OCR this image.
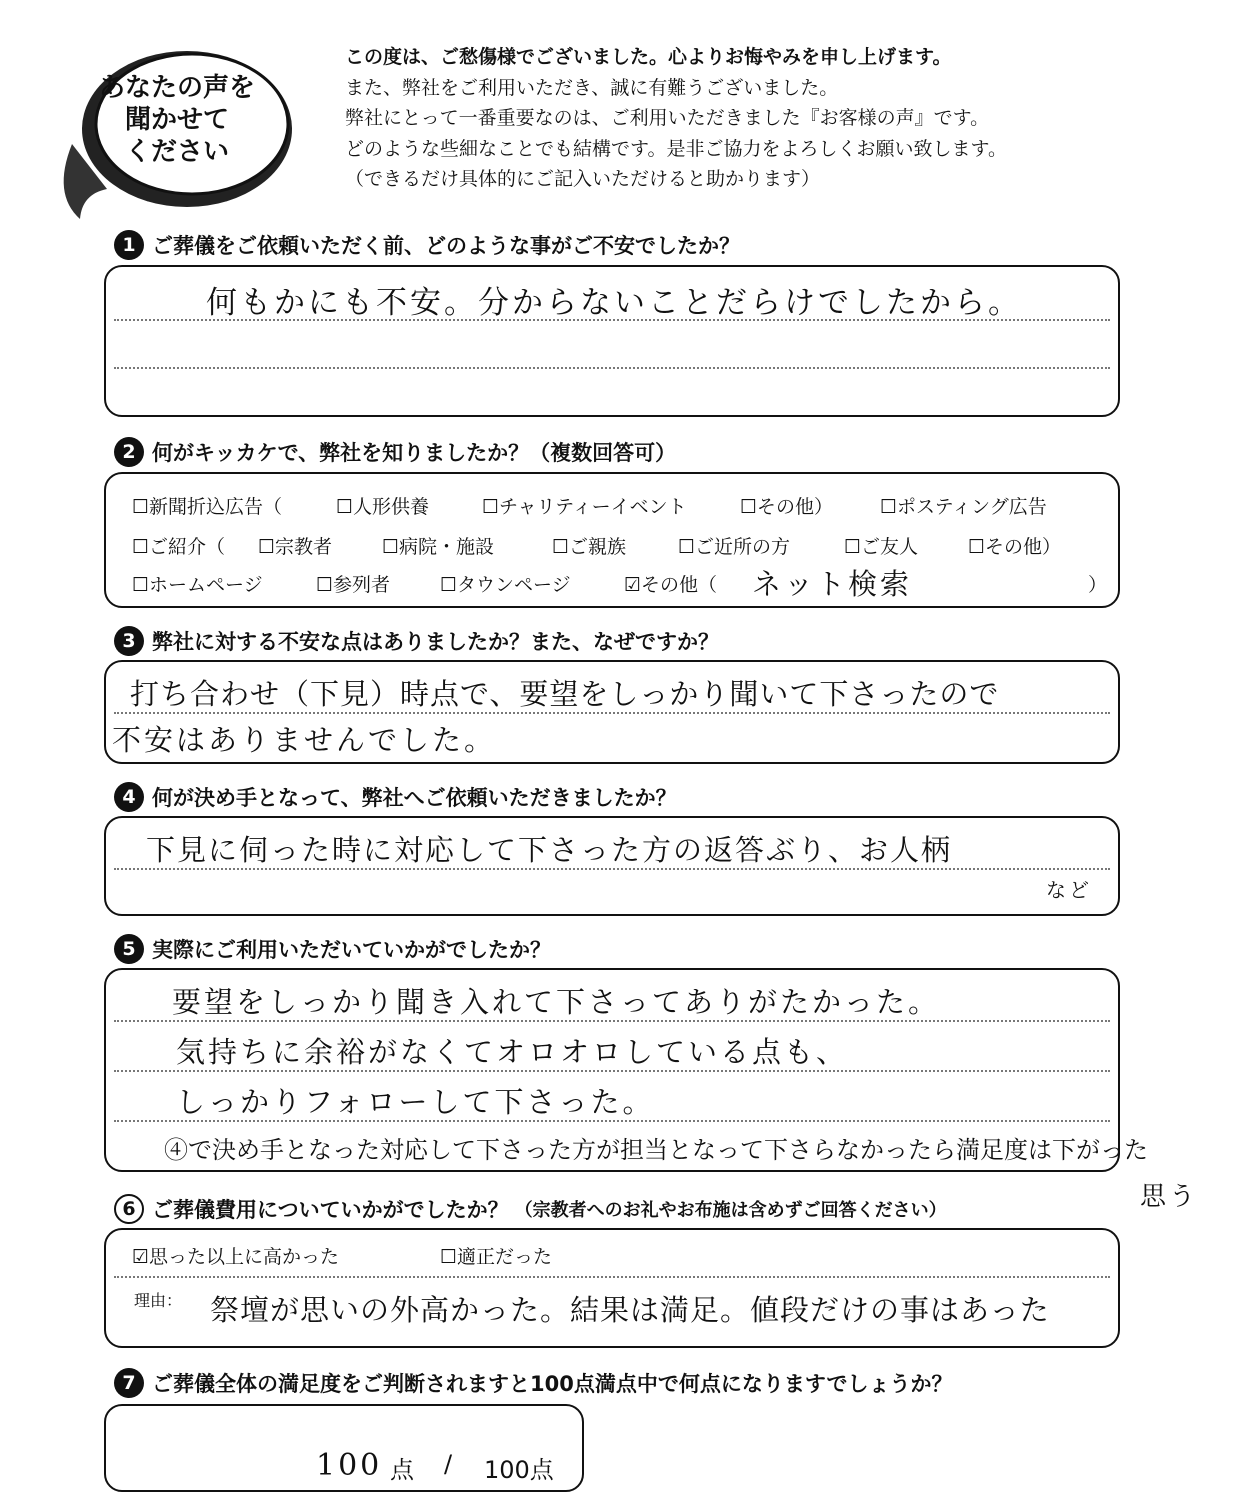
あなたの声を
聞かせて
ください
この度は、ご愁傷様でございました。心よりお悔やみを申し上げます。
また、弊社をご利用いただき、誠に有難うございました。
弊社にとって一番重要なのは、ご利用いただきました『お客様の声』です。
どのような些細なことでも結構です。是非ご協力をよろしくお願い致します。
（できるだけ具体的にご記入いただけると助かります）
1 ご葬儀をご依頼いただく前、どのような事がご不安でしたか？
何もかにも不安。分からないことだらけでしたから。
2 何がキッカケで、弊社を知りましたか？（複数回答可）
☐新聞折込広告（	☐人形供養	☐チャリティーイベント	☐その他） ☐ポスティング広告
☐ご紹介（ ☐宗教者	☐病院・施設	☐ご親族	☐ご近所の方	☐ご友人	☐その他）
☐ホームページ	☐参列者	☐タウンページ	☑その他（ ネット検索	）
3 弊社に対する不安な点はありましたか？また、なぜですか？
打ち合わせ（下見）時点で、要望をしっかり聞いて下さったので
不安はありませんでした。
4 何が決め手となって、弊社へご依頼いただきましたか？
下見に伺った時に対応して下さった方の返答ぶり、お人柄
など
5 実際にご利用いただいていかがでしたか？
要望をしっかり聞き入れて下さってありがたかった。
気持ちに余裕がなくてオロオロしている点も、
しっかりフォローして下さった。
④で決め手となった対応して下さった方が担当となって下さらなかったら満足度は下がった
思う
6 ご葬儀費用についていかがでしたか？ （宗教者へのお礼やお布施は含めずご回答ください）
☑思った以上に高かった	☐適正だった
理由： 祭壇が思いの外高かった。結果は満足。値段だけの事はあった
7 ご葬儀全体の満足度をご判断されますと100点満点中で何点になりますでしょうか？
100 点 / 100点
